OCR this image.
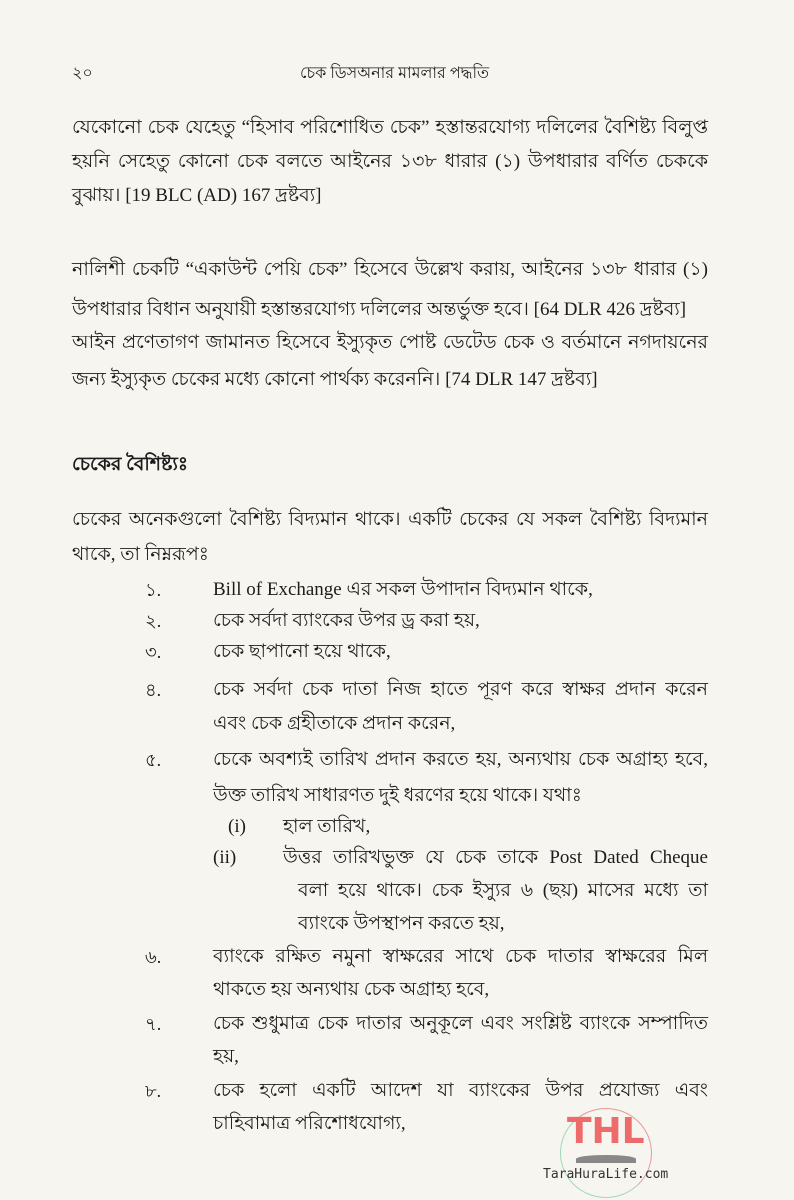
২০	চেক ডিসঅনার মামলার পদ্ধতি
যেকোনো চেক যেহেতু “হিসাব পরিশোধিত চেক” হস্তান্তরযোগ্য দলিলের বৈশিষ্ট্য বিলুপ্ত
হয়নি সেহেতু কোনো চেক বলতে আইনের ১৩৮ ধারার (১) উপধারার বর্ণিত চেককে
বুঝায়। [19 BLC (AD) 167 দ্রষ্টব্য]
নালিশী চেকটি “একাউন্ট পেয়ি চেক” হিসেবে উল্লেখ করায়, আইনের ১৩৮ ধারার (১)
উপধারার বিধান অনুযায়ী হস্তান্তরযোগ্য দলিলের অন্তর্ভুক্ত হবে। [64 DLR 426 দ্রষ্টব্য]
আইন প্রণেতাগণ জামানত হিসেবে ইস্যুকৃত পোষ্ট ডেটেড চেক ও বর্তমানে নগদায়নের
জন্য ইস্যুকৃত চেকের মধ্যে কোনো পার্থক্য করেননি। [74 DLR 147 দ্রষ্টব্য]
চেকের বৈশিষ্ট্যঃ
চেকের অনেকগুলো বৈশিষ্ট্য বিদ্যমান থাকে। একটি চেকের যে সকল বৈশিষ্ট্য বিদ্যমান
থাকে, তা নিম্নরূপঃ
১.	Bill of Exchange এর সকল উপাদান বিদ্যমান থাকে,
২.	চেক সর্বদা ব্যাংকের উপর ড্র করা হয়,
৩.	চেক ছাপানো হয়ে থাকে,
৪.	চেক সর্বদা চেক দাতা নিজ হাতে পূরণ করে স্বাক্ষর প্রদান করেন
এবং চেক গ্রহীতাকে প্রদান করেন,
৫.	চেকে অবশ্যই তারিখ প্রদান করতে হয়, অন্যথায় চেক অগ্রাহ্য হবে,
উক্ত তারিখ সাধারণত দুই ধরণের হয়ে থাকে। যথাঃ
(i) হাল তারিখ,
(ii) উত্তর তারিখভুক্ত যে চেক তাকে Post Dated Cheque
বলা হয়ে থাকে। চেক ইস্যুর ৬ (ছয়) মাসের মধ্যে তা
ব্যাংকে উপস্থাপন করতে হয়,
৬.	ব্যাংকে রক্ষিত নমুনা স্বাক্ষরের সাথে চেক দাতার স্বাক্ষরের মিল
থাকতে হয় অন্যথায় চেক অগ্রাহ্য হবে,
৭.	চেক শুধুমাত্র চেক দাতার অনুকূলে এবং সংশ্লিষ্ট ব্যাংকে সম্পাদিত
হয়,
৮.	চেক হলো একটি আদেশ যা ব্যাংকের উপর প্রযোজ্য এবং
চাহিবামাত্র পরিশোধযোগ্য,	THL
TaraHuraLife.com
